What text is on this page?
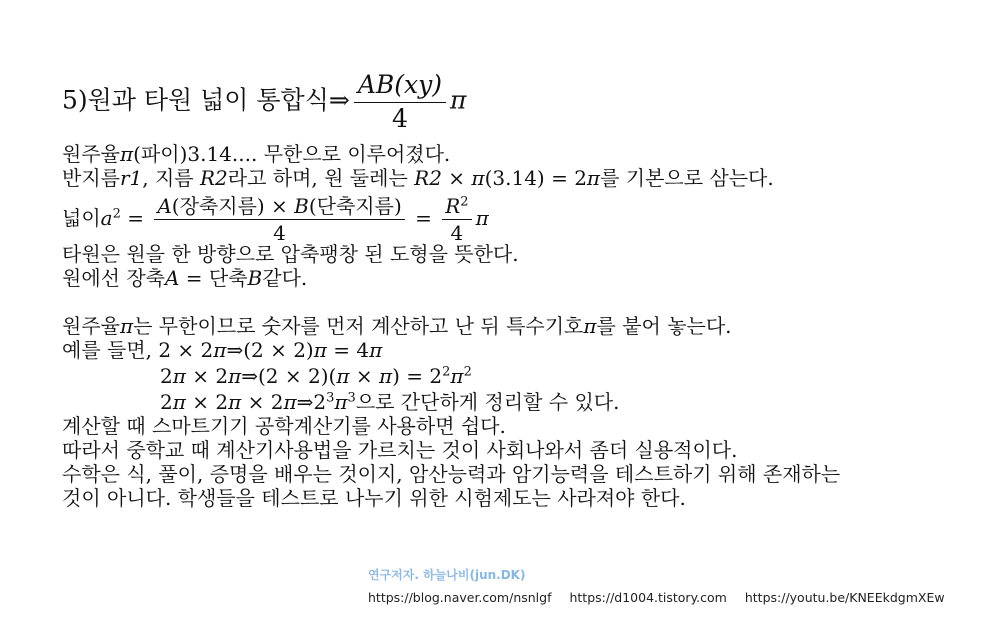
5)원과 타원 넓이 통합식⇒ $\frac{AB(xy)}{4}$ π
원주율π(파이)3.14.... 무한으로 이루어졌다.
반지름r1, 지름 R2라고 하며, 원 둘레는 R2 × π(3.14) = 2π를 기본으로 삼는다.
넓이$a^2 = \frac{\text{A(장축지름) × B(단축지름)}}{4} = \frac{R^2}{4}$ π
타원은 원을 한 방향으로 압축팽창 된 도형을 뜻한다.
원에선 장축A = 단축B같다.
원주율π는 무한이므로 숫자를 먼저 계산하고 난 뒤 특수기호π를 붙어 놓는다.
예를 들면, 2 × 2π⇒(2 × 2)π = 4π
2π × 2π⇒(2 × $2)(\pi \times \pi) = 2^2\pi^2$
$2\pi \times 2\pi \times 2\pi\Rightarrow 2^3\pi^3$으로 간단하게 정리할 수 있다.
계산할 때 스마트기기 공학계산기를 사용하면 쉽다.
따라서 중학교 때 계산기사용법을 가르치는 것이 사회나와서 좀더 실용적이다.
수학은 식, 풀이, 증명을 배우는 것이지, 암산능력과 암기능력을 테스트하기 위해 존재하는
것이 아니다. 학생들을 테스트로 나누기 위한 시험제도는 사라져야 한다.
연구저자. 하늘나비(jun.DK)
https://blog.naver.com/nsnlgf https://d1004.tistory.com https://youtu.be/KNEEkdgmXEw
